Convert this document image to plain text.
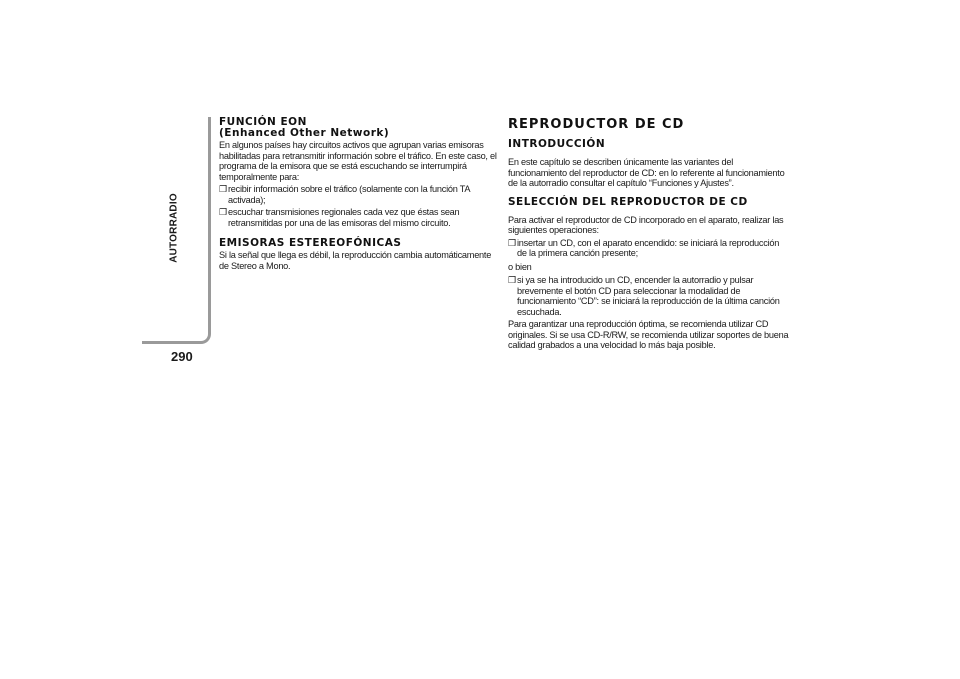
AUTORRADIO
290
FUNCIÓN EON
(Enhanced Other Network)

En algunos países hay circuitos activos que agrupan varias emisoras habilitadas para retransmitir información sobre el tráfico. En este caso, el programa de la emisora que se está escuchando se interrumpirá temporalmente para:

❒ recibir información sobre el tráfico (solamente con la función TA activada);
❒ escuchar transmisiones regionales cada vez que éstas sean retransmitidas por una de las emisoras del mismo circuito.
EMISORAS ESTEREOFÓNICAS

Si la señal que llega es débil, la reproducción cambia automáticamente de Stereo a Mono.

REPRODUCTOR DE CD
INTRODUCCIÓN

En este capítulo se describen únicamente las variantes del funcionamiento del reproductor de CD: en lo referente al funcionamiento de la autorradio consultar el capítulo “Funciones y Ajustes”.

SELECCIÓN DEL REPRODUCTOR DE CD

Para activar el reproductor de CD incorporado en el aparato, realizar las siguientes operaciones:

❒ insertar un CD, con el aparato encendido: se iniciará la reproducción de la primera canción presente;

o bien

❒ si ya se ha introducido un CD, encender la autorradio y pulsar brevemente el botón CD para seleccionar la modalidad de funcionamiento “CD”: se iniciará la reproducción de la última canción escuchada.

Para garantizar una reproducción óptima, se recomienda utilizar CD originales. Si se usa CD-R/RW, se recomienda utilizar soportes de buena calidad grabados a una velocidad lo más baja posible.
